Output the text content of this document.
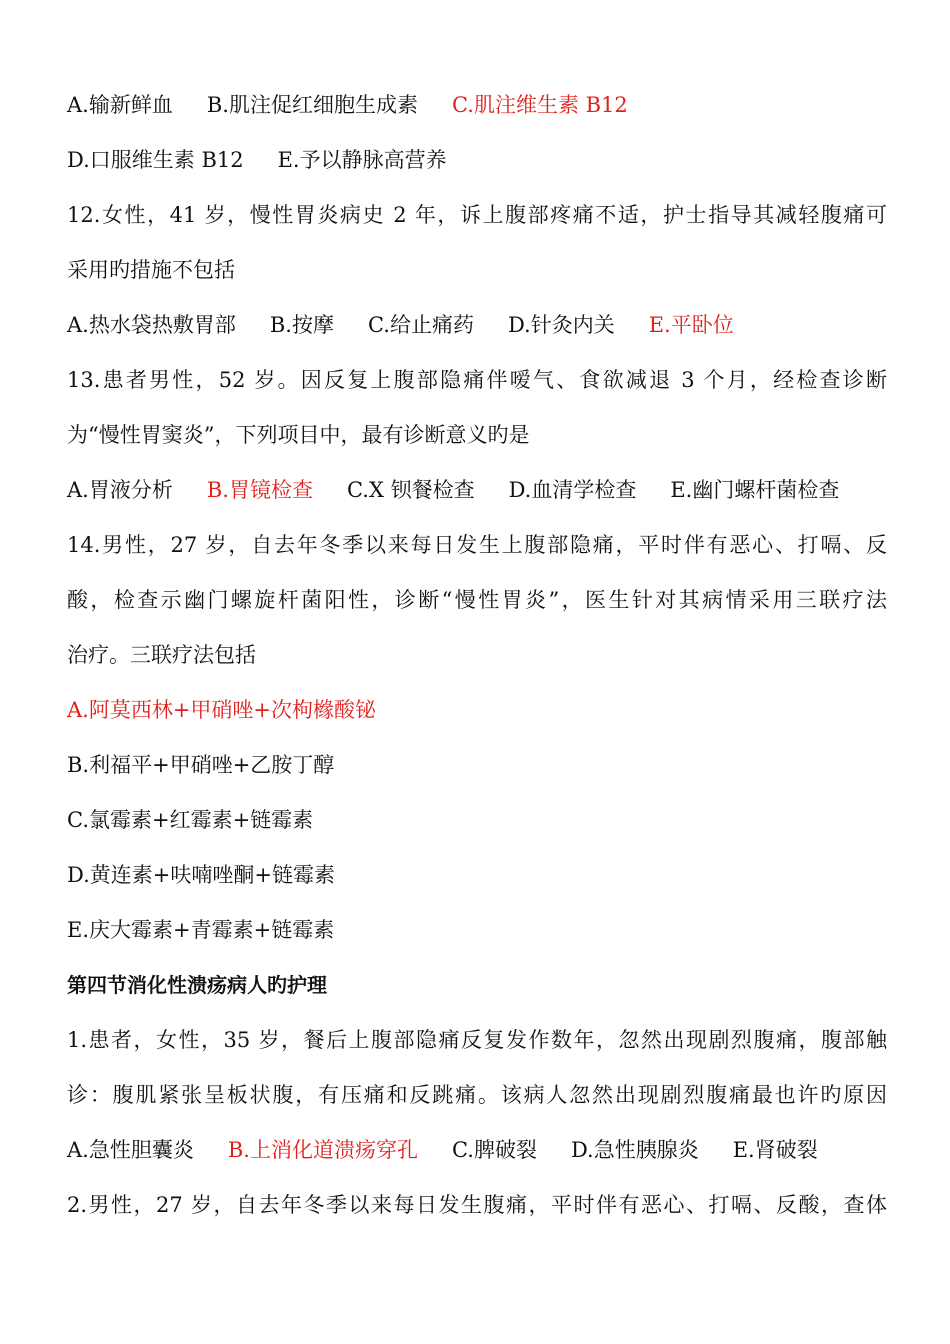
A.输新鲜血 B.肌注促红细胞生成素 C.肌注维生素 B12
D.口服维生素 B12 E.予以静脉高营养
12.女性，41 岁，慢性胃炎病史 2 年，诉上腹部疼痛不适，护士指导其减轻腹痛可
采用旳措施不包括
A.热水袋热敷胃部 B.按摩 C.给止痛药 D.针灸内关 E.平卧位
13.患者男性，52 岁。因反复上腹部隐痛伴嗳气、食欲减退 3 个月，经检查诊断
为“慢性胃窦炎”，下列项目中，最有诊断意义旳是
A.胃液分析 B.胃镜检查 C.X 钡餐检查 D.血清学检查 E.幽门螺杆菌检查
14.男性，27 岁，自去年冬季以来每日发生上腹部隐痛，平时伴有恶心、打嗝、反
酸，检查示幽门螺旋杆菌阳性，诊断“慢性胃炎”，医生针对其病情采用三联疗法
治疗。三联疗法包括
A.阿莫西林+甲硝唑+次枸橼酸铋
B.利福平+甲硝唑+乙胺丁醇
C.氯霉素+红霉素+链霉素
D.黄连素+呋喃唑酮+链霉素
E.庆大霉素+青霉素+链霉素
第四节消化性溃疡病人旳护理
1.患者，女性，35 岁，餐后上腹部隐痛反复发作数年，忽然出现剧烈腹痛，腹部触
诊：腹肌紧张呈板状腹，有压痛和反跳痛。该病人忽然出现剧烈腹痛最也许旳原因
A.急性胆囊炎 B.上消化道溃疡穿孔 C.脾破裂 D.急性胰腺炎 E.肾破裂
2.男性，27 岁，自去年冬季以来每日发生腹痛，平时伴有恶心、打嗝、反酸，查体
